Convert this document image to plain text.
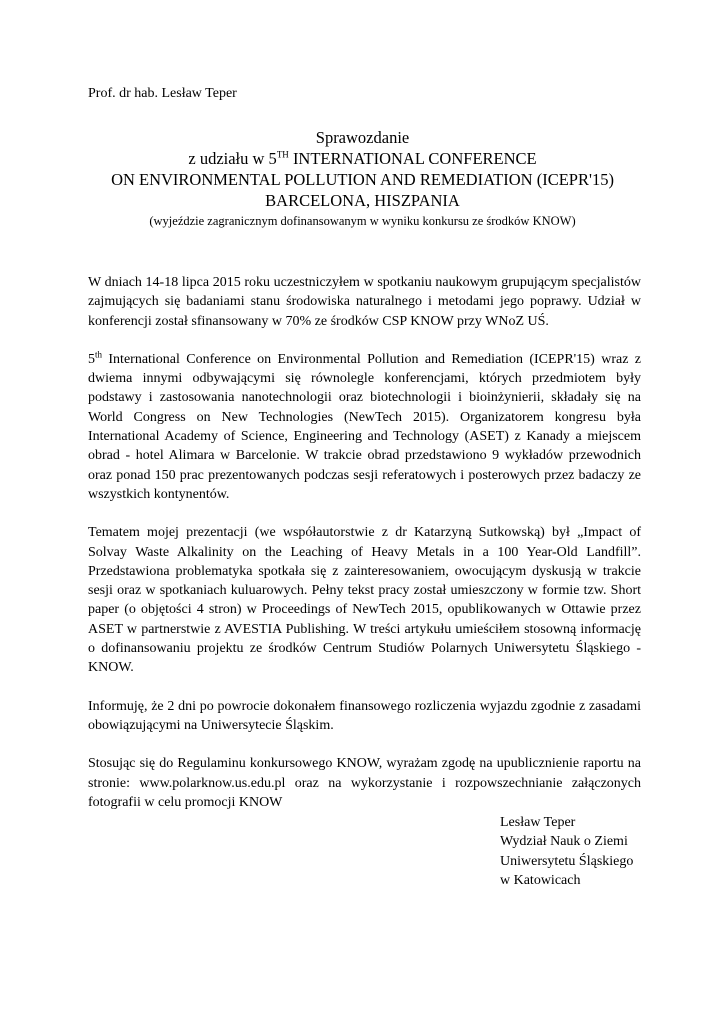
Prof. dr hab. Lesław Teper
Sprawozdanie
z udziału w 5TH INTERNATIONAL CONFERENCE
ON ENVIRONMENTAL POLLUTION AND REMEDIATION (ICEPR'15)
BARCELONA, HISZPANIA
(wyjeździe zagranicznym dofinansowanym w wyniku konkursu ze środków KNOW)

W dniach 14-18 lipca 2015 roku uczestniczyłem w spotkaniu naukowym grupującym specjalistów zajmujących się badaniami stanu środowiska naturalnego i metodami jego poprawy. Udział w konferencji został sfinansowany w 70% ze środków CSP KNOW przy WNoZ UŚ.

5th International Conference on Environmental Pollution and Remediation (ICEPR'15) wraz z dwiema innymi odbywającymi się równolegle konferencjami, których przedmiotem były podstawy i zastosowania nanotechnologii oraz biotechnologii i bioinżynierii, składały się na World Congress on New Technologies (NewTech 2015). Organizatorem kongresu była International Academy of Science, Engineering and Technology (ASET) z Kanady a miejscem obrad - hotel Alimara w Barcelonie. W trakcie obrad przedstawiono 9 wykładów przewodnich oraz ponad 150 prac prezentowanych podczas sesji referatowych i posterowych przez badaczy ze wszystkich kontynentów.

Tematem mojej prezentacji (we współautorstwie z dr Katarzyną Sutkowską) był „Impact of Solvay Waste Alkalinity on the Leaching of Heavy Metals in a 100 Year-Old Landfill”. Przedstawiona problematyka spotkała się z zainteresowaniem, owocującym dyskusją w trakcie sesji oraz w spotkaniach kuluarowych. Pełny tekst pracy został umieszczony w formie tzw. Short paper (o objętości 4 stron) w Proceedings of NewTech 2015, opublikowanych w Ottawie przez ASET w partnerstwie z AVESTIA Publishing. W treści artykułu umieściłem stosowną informację o dofinansowaniu projektu ze środków Centrum Studiów Polarnych Uniwersytetu Śląskiego - KNOW.

Informuję, że 2 dni po powrocie dokonałem finansowego rozliczenia wyjazdu zgodnie z zasadami obowiązującymi na Uniwersytecie Śląskim.

Stosując się do Regulaminu konkursowego KNOW, wyrażam zgodę na upublicznienie raportu na stronie: www.polarknow.us.edu.pl oraz na wykorzystanie i rozpowszechnianie załączonych fotografii w celu promocji KNOW

Lesław Teper
Wydział Nauk o Ziemi
Uniwersytetu Śląskiego
w Katowicach
